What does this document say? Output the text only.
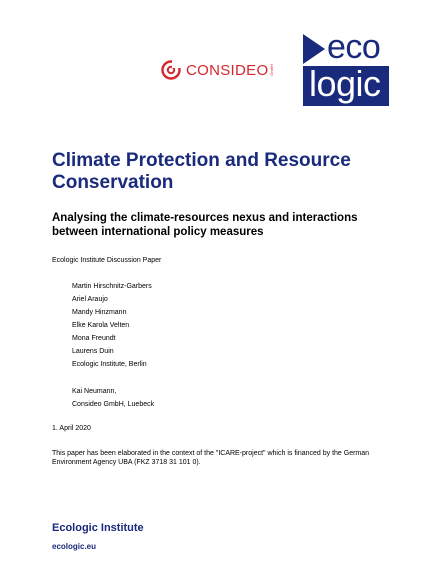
CONSIDEO GmbH
eco
logic
Climate Protection and Resource Conservation
Analysing the climate-resources nexus and interactions between international policy measures
Ecologic Institute Discussion Paper
Martin Hirschnitz-Garbers
Ariel Araujo
Mandy Hinzmann
Elke Karola Velten
Mona Freundt
Laurens Duin
Ecologic Institute, Berlin
Kai Neumann,
Consideo GmbH, Luebeck
1. April 2020
This paper has been elaborated in the context of the "ICARE-project" which is financed by the German Environment Agency UBA (FKZ 3718 31 101 0).
Ecologic Institute
ecologic.eu
